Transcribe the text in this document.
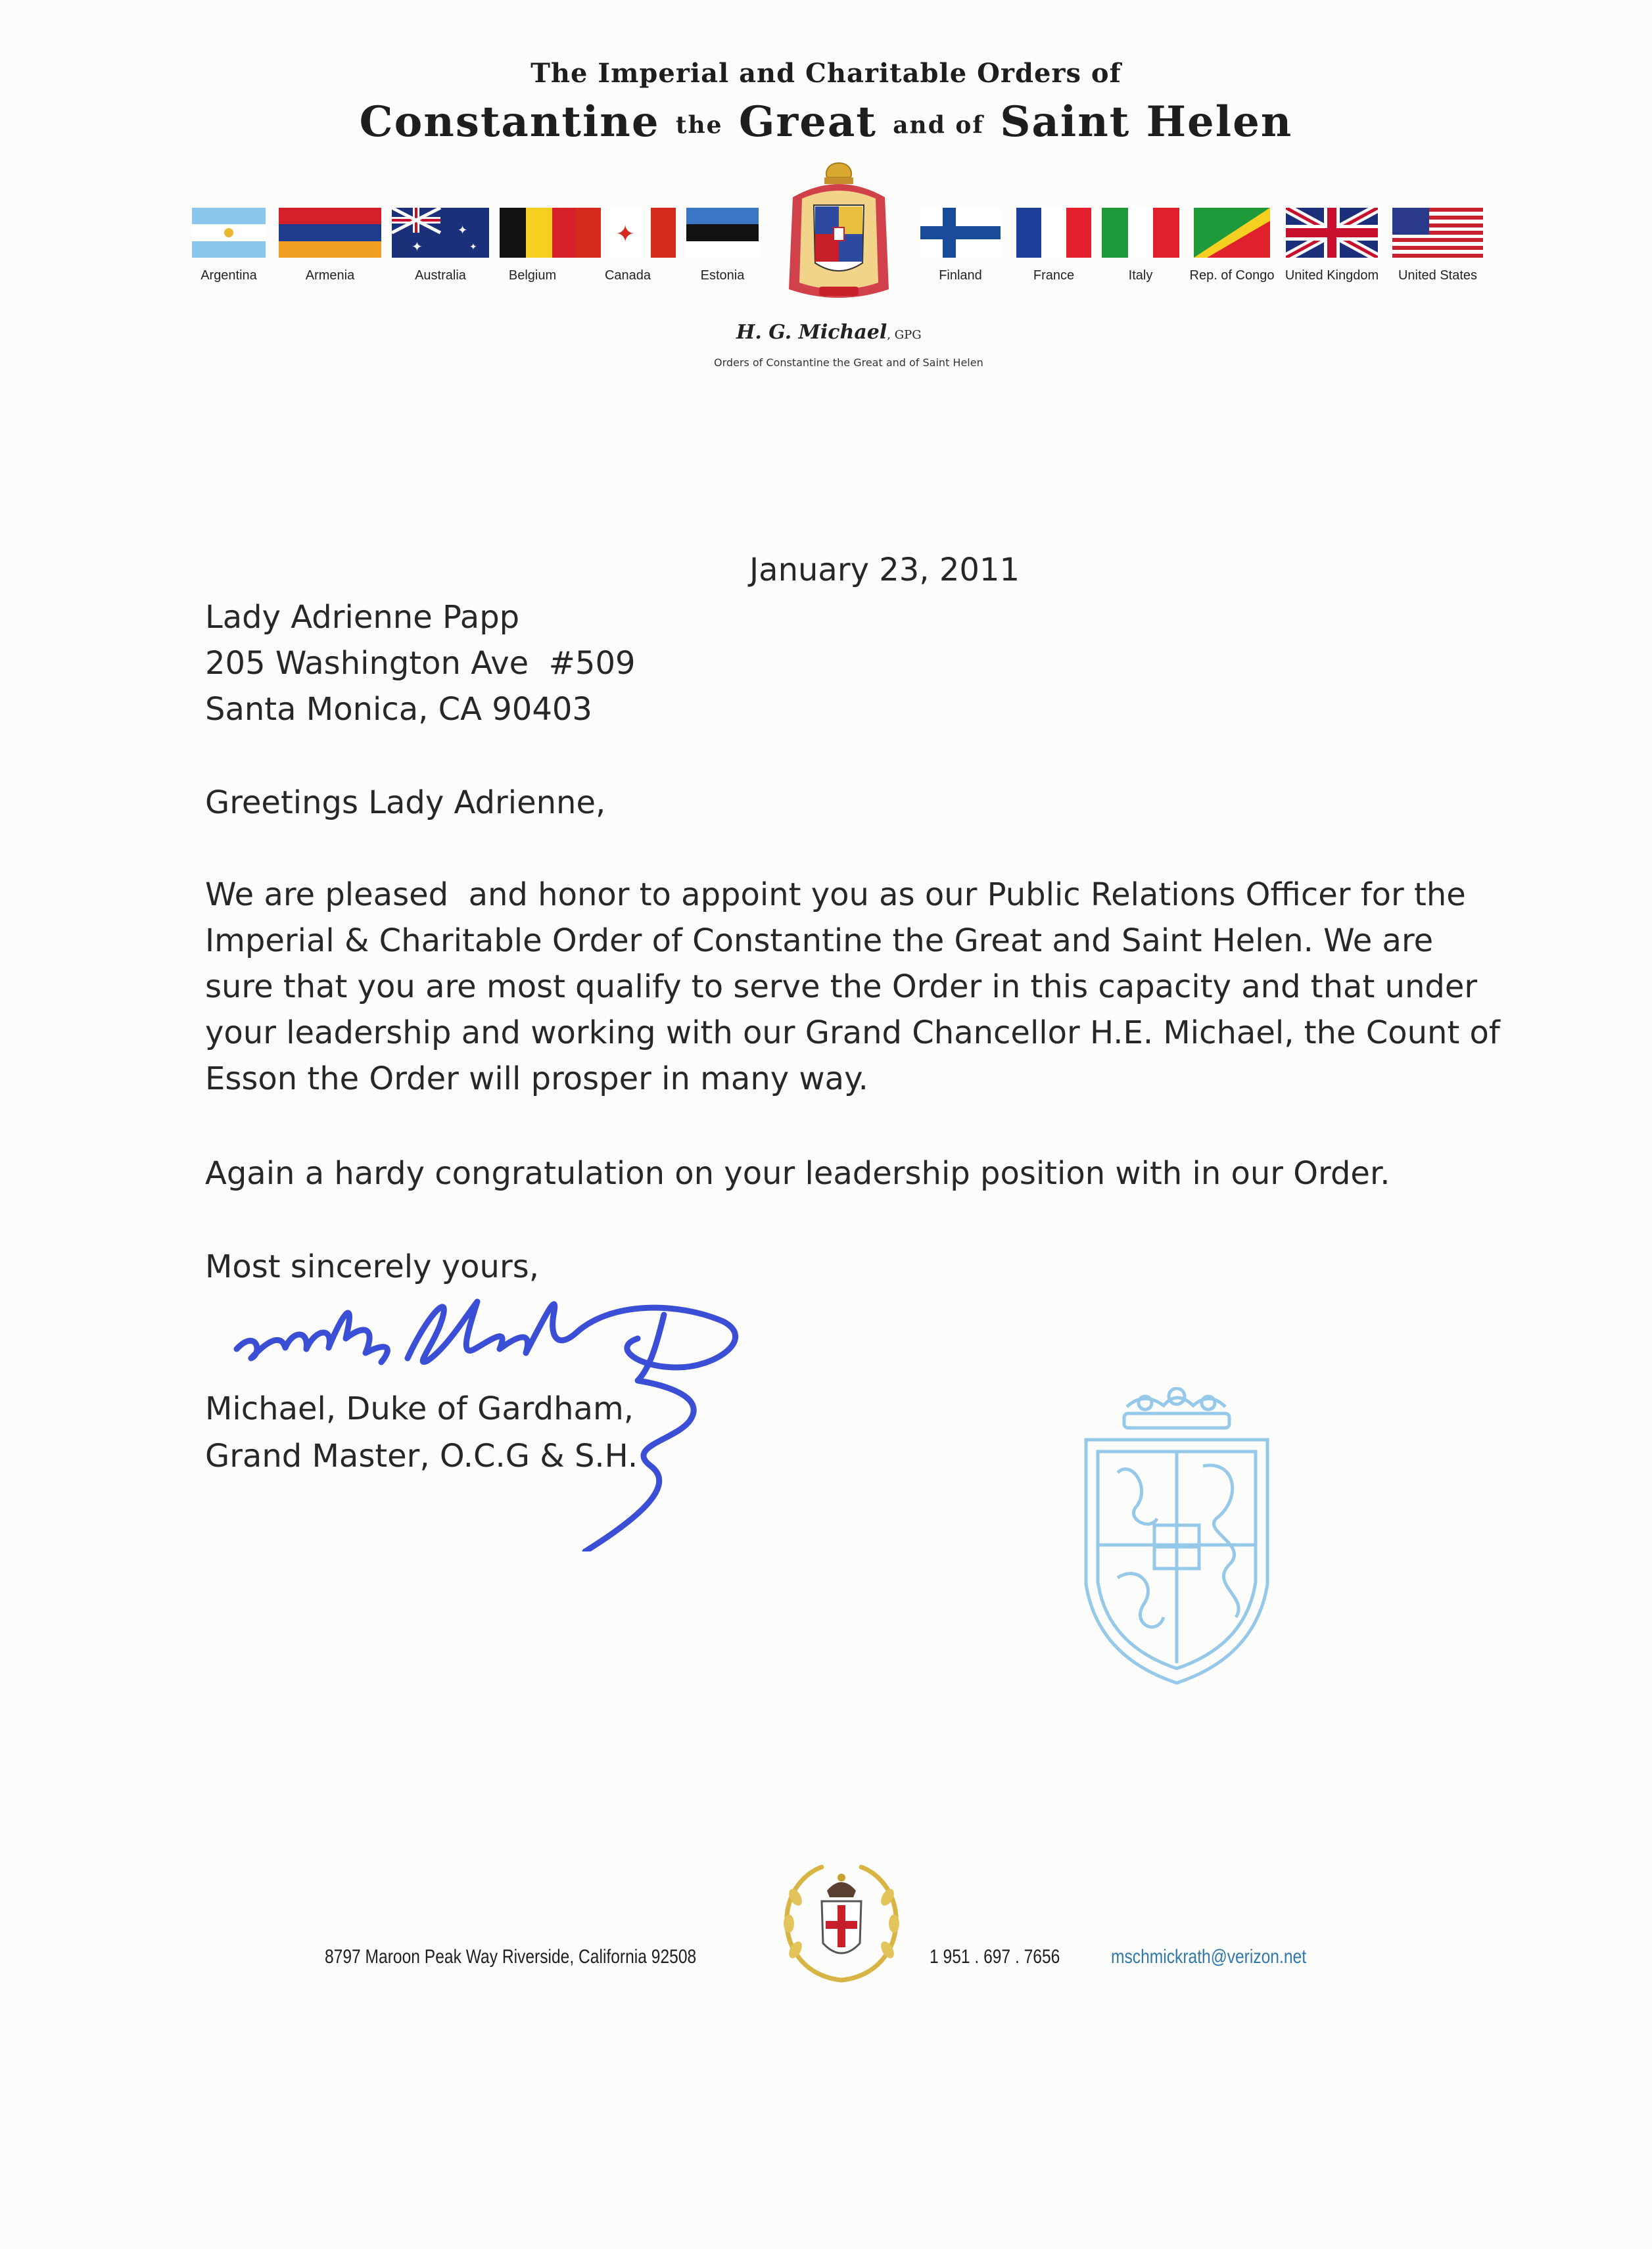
The Imperial and Charitable Orders of
Constantine the Great and of Saint Helen
✦
✦
✦	✦
Argentina	Armenia	Australia	Belgium	Canada	Estonia	Finland	France	Italy	Rep. of Congo United Kingdom	United States
H. G. Michael, GPG
Orders of Constantine the Great and of Saint Helen
January 23, 2011
Lady Adrienne Papp
205 Washington Ave  #509
Santa Monica, CA 90403
Greetings Lady Adrienne,
We are pleased  and honor to appoint you as our Public Relations Officer for the
Imperial & Charitable Order of Constantine the Great and Saint Helen. We are
sure that you are most qualify to serve the Order in this capacity and that under
your leadership and working with our Grand Chancellor H.E. Michael, the Count of
Esson the Order will prosper in many way.
Again a hardy congratulation on your leadership position with in our Order.
Most sincerely yours,
Michael, Duke of Gardham,
Grand Master, O.C.G & S.H.
8797 Maroon Peak Way Riverside, California 92508	1 951 . 697 . 7656	mschmickrath@verizon.net
